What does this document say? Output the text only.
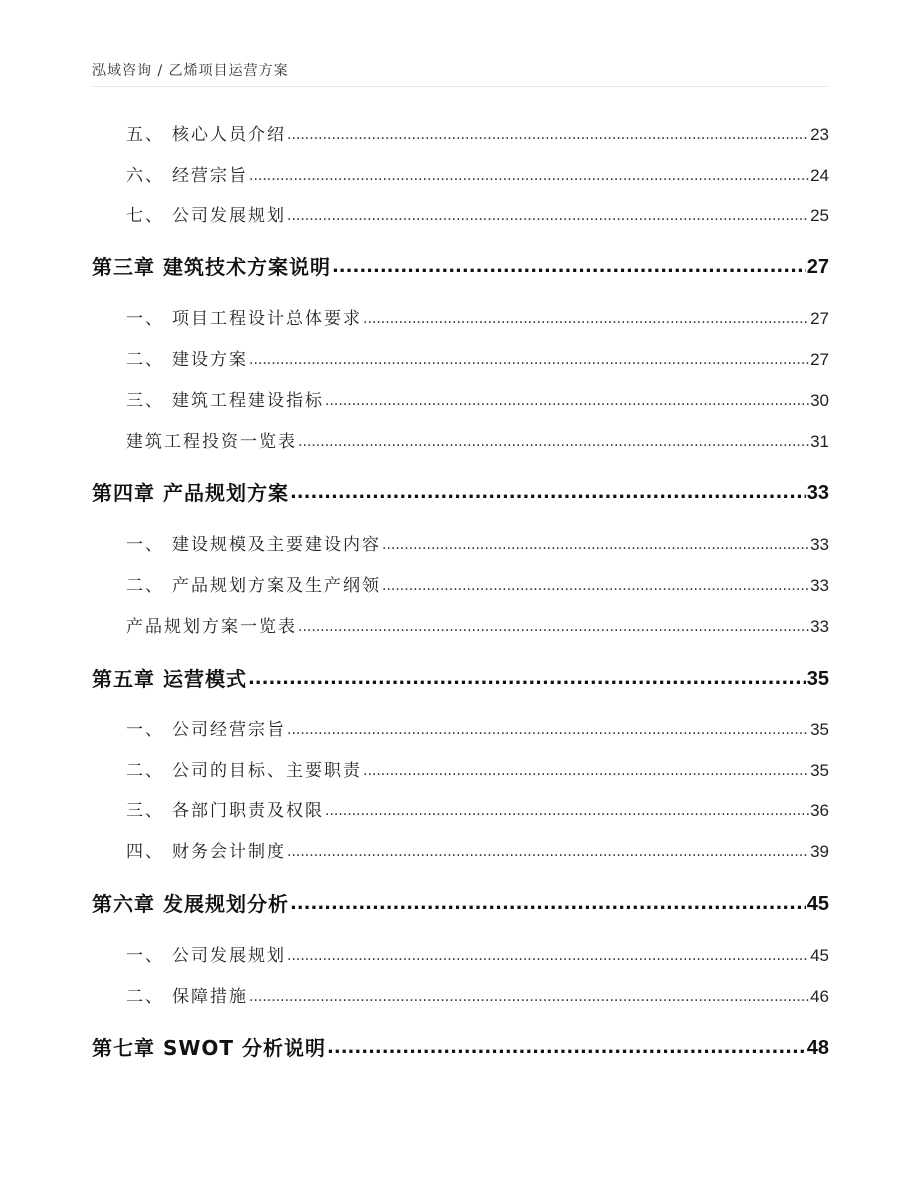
泓域咨询 / 乙烯项目运营方案
五、 核心人员介绍 .....	23
六、 经营宗旨 .....	24
七、 公司发展规划 .....	25
第三章 建筑技术方案说明 .....	27
一、 项目工程设计总体要求 .....	27
二、 建设方案 .....	27
三、 建筑工程建设指标 .....	30
建筑工程投资一览表 .....	31
第四章 产品规划方案 .....	33
一、 建设规模及主要建设内容 .....	33
二、 产品规划方案及生产纲领 .....	33
产品规划方案一览表 .....	33
第五章 运营模式 .....	35
一、 公司经营宗旨 .....	35
二、 公司的目标、主要职责 .....	35
三、 各部门职责及权限 .....	36
四、 财务会计制度 .....	39
第六章 发展规划分析 .....	45
一、 公司发展规划 .....	45
二、 保障措施 .....	46
第七章 SWOT 分析说明 .....	48
